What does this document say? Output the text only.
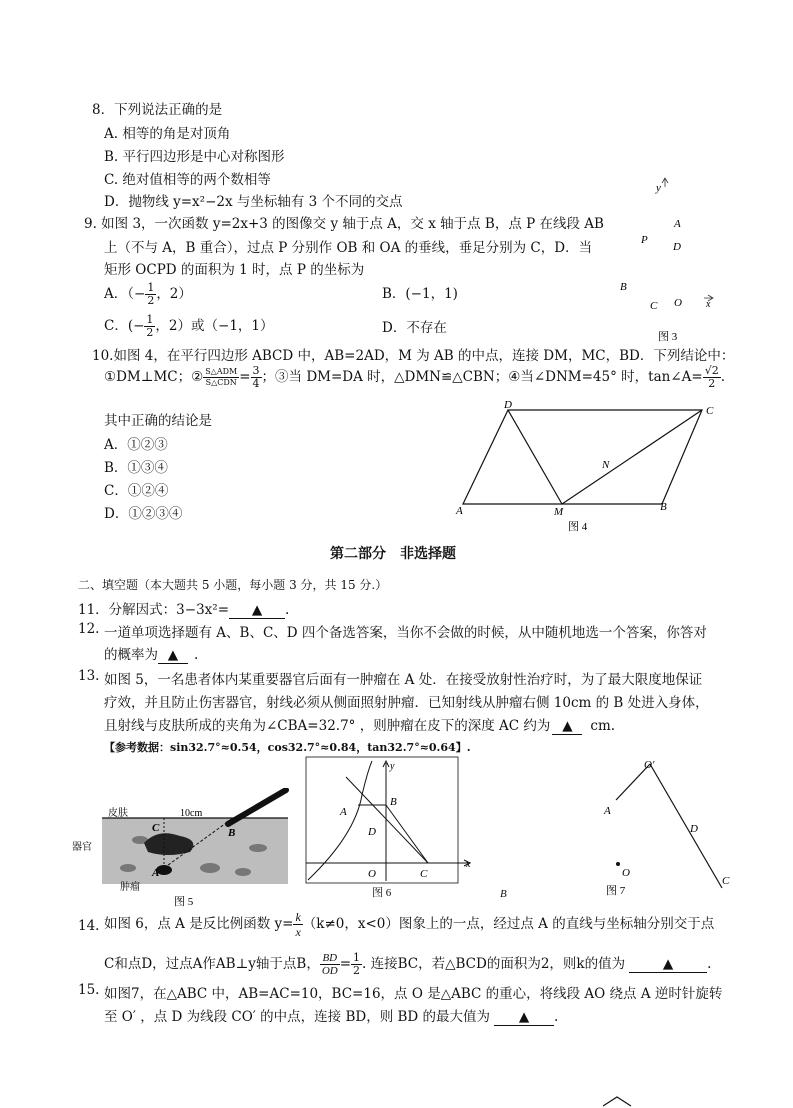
8．下列说法正确的是
A. 相等的角是对顶角
B. 平行四边形是中心对称图形
C. 绝对值相等的两个数相等
D．抛物线 y=x²−2x 与坐标轴有 3 个不同的交点
9. 如图 3，一次函数 y=2x+3 的图像交 y 轴于点 A，交 x 轴于点 B，点 P 在线段 AB
上（不与 A，B 重合），过点 P 分别作 OB 和 OA 的垂线，垂足分别为 C，D．当
矩形 OCPD 的面积为 1 时，点 P 的坐标为
A．（− $\frac{1}{2}$ ，2）	B．(−1，1)
C．(− $\frac{1}{2}$ ，2）或（−1，1）	D．不存在
y
A
P
D
B
C O x
图 3
10.如图 4，在平行四边形 ABCD 中，AB=2AD，M 为 AB 的中点，连接 DM，MC，BD．下列结论中：
①DM⊥MC；② $\frac{\text{S△ADM}}{\text{S△CDN}} = \frac{3}{4}$ ；③当 DM=DA 时，△DMN≌△CBN；④当∠DNM=45° 时，tan∠A= $\frac{√2}{2}$ .
其中正确的结论是
A．①②③
B．①③④
C．①②④
D．①②③④
D	C
N
A	M	B
图 4
第二部分　非选择题
二、填空题（本大题共 5 小题，每小题 3 分，共 15 分.）
11．分解因式：3−3x²= ▲ .
12. 一道单项选择题有 A、B、C、D 四个备选答案，当你不会做的时候，从中随机地选一个答案，你答对
的概率为 ▲ .
13. 如图 5，一名患者体内某重要器官后面有一肿瘤在 A 处．在接受放射性治疗时，为了最大限度地保证
疗效，并且防止伤害器官，射线必须从侧面照射肿瘤．已知射线从肿瘤右侧 10cm 的 B 处进入身体，
且射线与皮肤所成的夹角为∠CBA=32.7° ，则肿瘤在皮下的深度 AC 约为 ▲ cm.
【参考数据：sin32.7°≈0.54，cos32.7°≈0.84，tan32.7°≈0.64】.
皮肤
器官
肿瘤
10cm
C	B
A
图 5
y
A
B
D
O	C
x
图 6	B
O′
A
D
O
C
图 7
14. 如图 6，点 A 是反比例函数 $y= \frac{k}{x} (k\ne 0$，x<0）图象上的一点，经过点 A 的直线与坐标轴分别交于点
C和点D，过点A作AB⊥y轴于点B， $\frac{BD}{OD} = \frac{1}{2}$ . 连接BC，若△BCD的面积为2，则k的值为	▲	.
15. 如图7，在△ABC 中，AB=AC=10，BC=16，点 O 是△ABC 的重心，将线段 AO 绕点 A 逆时针旋转
至 O′ ，点 D 为线段 CO′ 的中点，连接 BD，则 BD 的最大值为 ▲ .
